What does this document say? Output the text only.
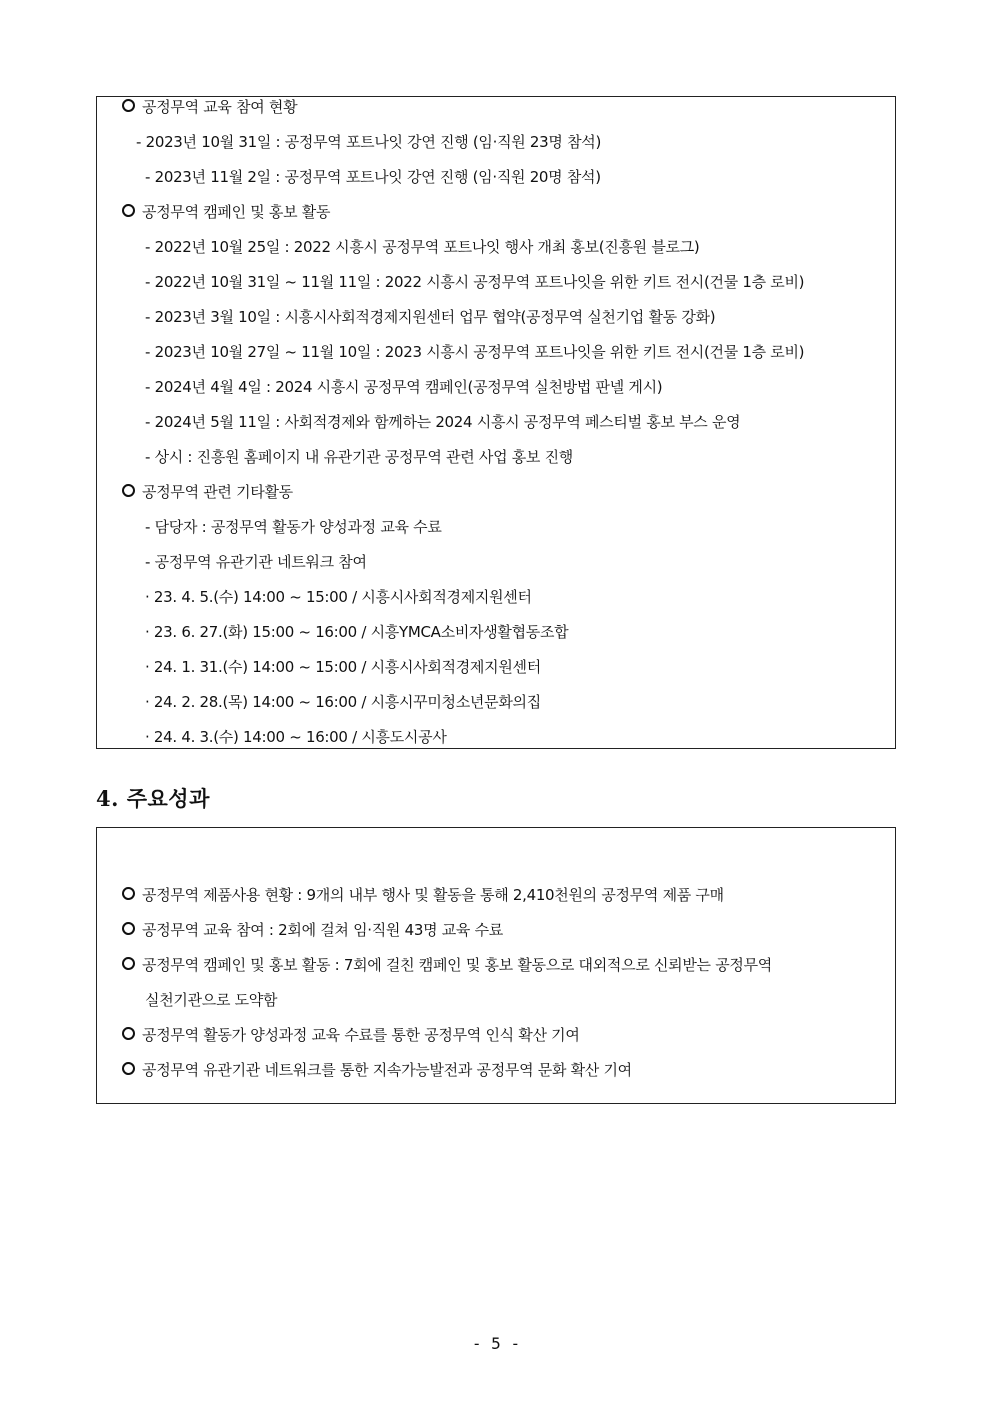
공정무역 교육 참여 현황
- 2023년 10월 31일 : 공정무역 포트나잇 강연 진행 (임·직원 23명 참석)
- 2023년 11월 2일 : 공정무역 포트나잇 강연 진행 (임·직원 20명 참석)
공정무역 캠페인 및 홍보 활동
- 2022년 10월 25일 : 2022 시흥시 공정무역 포트나잇 행사 개최 홍보(진흥원 블로그)
- 2022년 10월 31일 ~ 11월 11일 : 2022 시흥시 공정무역 포트나잇을 위한 키트 전시(건물 1층 로비)
- 2023년 3월 10일 : 시흥시사회적경제지원센터 업무 협약(공정무역 실천기업 활동 강화)
- 2023년 10월 27일 ~ 11월 10일 : 2023 시흥시 공정무역 포트나잇을 위한 키트 전시(건물 1층 로비)
- 2024년 4월 4일 : 2024 시흥시 공정무역 캠페인(공정무역 실천방법 판넬 게시)
- 2024년 5월 11일 : 사회적경제와 함께하는 2024 시흥시 공정무역 페스티벌 홍보 부스 운영
- 상시 : 진흥원 홈페이지 내 유관기관 공정무역 관련 사업 홍보 진행
공정무역 관련 기타활동
- 담당자 : 공정무역 활동가 양성과정 교육 수료
- 공정무역 유관기관 네트워크 참여
· 23. 4. 5.(수) 14:00 ~ 15:00 / 시흥시사회적경제지원센터
· 23. 6. 27.(화) 15:00 ~ 16:00 / 시흥YMCA소비자생활협동조합
· 24. 1. 31.(수) 14:00 ~ 15:00 / 시흥시사회적경제지원센터
· 24. 2. 28.(목) 14:00 ~ 16:00 / 시흥시꾸미청소년문화의집
· 24. 4. 3.(수) 14:00 ~ 16:00 / 시흥도시공사
4. 주요성과
공정무역 제품사용 현황 : 9개의 내부 행사 및 활동을 통해 2,410천원의 공정무역 제품 구매
공정무역 교육 참여 : 2회에 걸쳐 임·직원 43명 교육 수료
공정무역 캠페인 및 홍보 활동 : 7회에 걸친 캠페인 및 홍보 활동으로 대외적으로 신뢰받는 공정무역
실천기관으로 도약함
공정무역 활동가 양성과정 교육 수료를 통한 공정무역 인식 확산 기여
공정무역 유관기관 네트워크를 통한 지속가능발전과 공정무역 문화 확산 기여
- 5 -
